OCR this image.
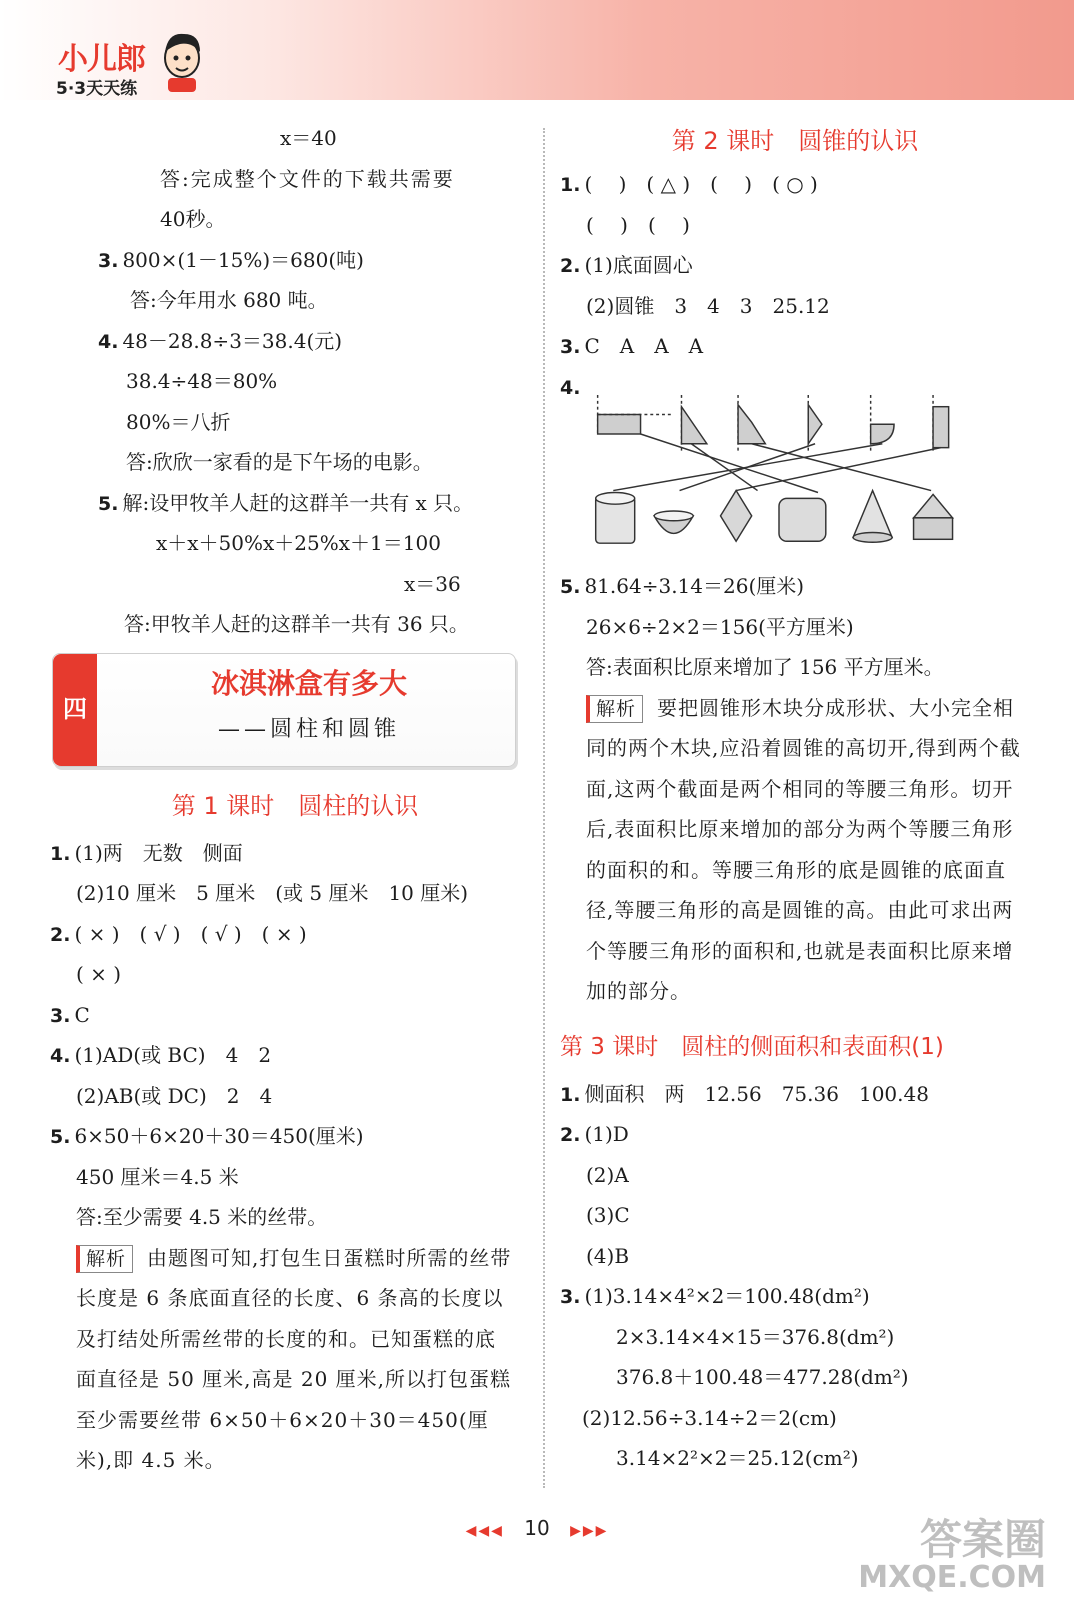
小儿郎
5·3天天练
x＝40
答:完成整个文件的下载共需要
40秒。
3. 800×(1－15%)＝680(吨)
答:今年用水 680 吨。
4. 48－28.8÷3＝38.4(元)
38.4÷48＝80%
80%＝八折
答:欣欣一家看的是下午场的电影。
5. 解:设甲牧羊人赶的这群羊一共有 x 只。
x＋x＋50%x＋25%x＋1＝100
x＝36
答:甲牧羊人赶的这群羊一共有 36 只。
四
冰淇淋盒有多大
——圆柱和圆锥
第 1 课时　圆柱的认识
1. (1)两　无数　侧面
(2)10 厘米　5 厘米　(或 5 厘米　10 厘米)
2. ( × )　( √ )　( √ )　( × )
( × )
3. C
4. (1)AD(或 BC)　4　2
(2)AB(或 DC)　2　4
5. 6×50＋6×20＋30＝450(厘米)
450 厘米＝4.5 米
答:至少需要 4.5 米的丝带。
解析 由题图可知,打包生日蛋糕时所需的丝带长度是 6 条底面直径的长度、6 条高的长度以及打结处所需丝带的长度的和。已知蛋糕的底面直径是 50 厘米,高是 20 厘米,所以打包蛋糕至少需要丝带 6×50＋6×20＋30＝450(厘米),即 4.5 米。
第 2 课时　圆锥的认识
1. (　 )　( △ )　(　 )　( ○ )
(　 )　(　 )
2. (1)底面圆心
(2)圆锥　3　4　3　25.12
3. C　A　A　A
4.
5. 81.64÷3.14＝26(厘米)
26×6÷2×2＝156(平方厘米)
答:表面积比原来增加了 156 平方厘米。
解析 要把圆锥形木块分成形状、大小完全相同的两个木块,应沿着圆锥的高切开,得到两个截面,这两个截面是两个相同的等腰三角形。切开后,表面积比原来增加的部分为两个等腰三角形的面积的和。等腰三角形的底是圆锥的底面直径,等腰三角形的高是圆锥的高。由此可求出两个等腰三角形的面积和,也就是表面积比原来增加的部分。
第 3 课时　圆柱的侧面积和表面积(1)
1. 侧面积　两　12.56　75.36　100.48
2. (1)D
(2)A
(3)C
(4)B
3. (1)3.14×4²×2＝100.48(dm²)
2×3.14×4×15＝376.8(dm²)
376.8＋100.48＝477.28(dm²)
(2)12.56÷3.14÷2＝2(cm)
3.14×2²×2＝25.12(cm²)
◀◀◀ 10 ▶▶▶	答案圈
MXQE.COM
